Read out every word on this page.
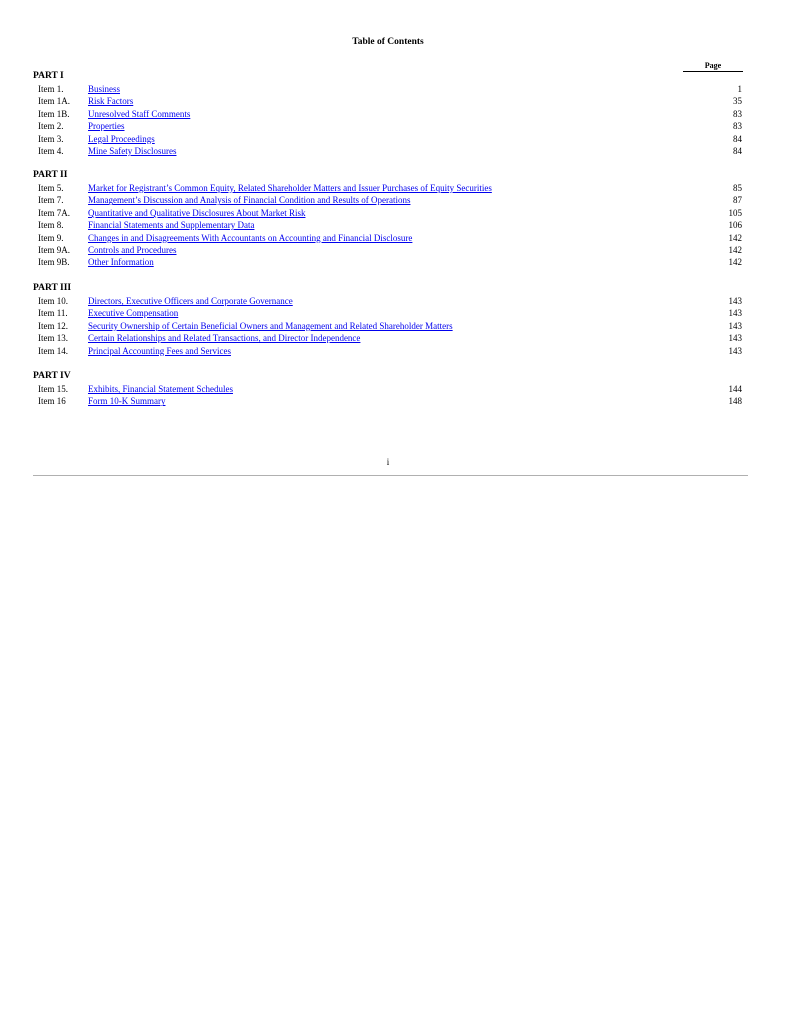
Table of Contents
Page
PART I
Item 1.	Business	1
Item 1A. Risk Factors	35
Item 1B. Unresolved Staff Comments	83
Item 2.	Properties	83
Item 3.	Legal Proceedings	84
Item 4.	Mine Safety Disclosures	84
PART II
Item 5.	Market for Registrant’s Common Equity, Related Shareholder Matters and Issuer Purchases of Equity Securities	85
Item 7.	Management’s Discussion and Analysis of Financial Condition and Results of Operations	87
Item 7A. Quantitative and Qualitative Disclosures About Market Risk	105
Item 8.	Financial Statements and Supplementary Data	106
Item 9.	Changes in and Disagreements With Accountants on Accounting and Financial Disclosure	142
Item 9A. Controls and Procedures	142
Item 9B. Other Information	142
PART III
Item 10. Directors, Executive Officers and Corporate Governance	143
Item 11. Executive Compensation	143
Item 12. Security Ownership of Certain Beneficial Owners and Management and Related Shareholder Matters	143
Item 13. Certain Relationships and Related Transactions, and Director Independence	143
Item 14. Principal Accounting Fees and Services	143
PART IV
Item 15. Exhibits, Financial Statement Schedules	144
Item 16 Form 10-K Summary	148
i
